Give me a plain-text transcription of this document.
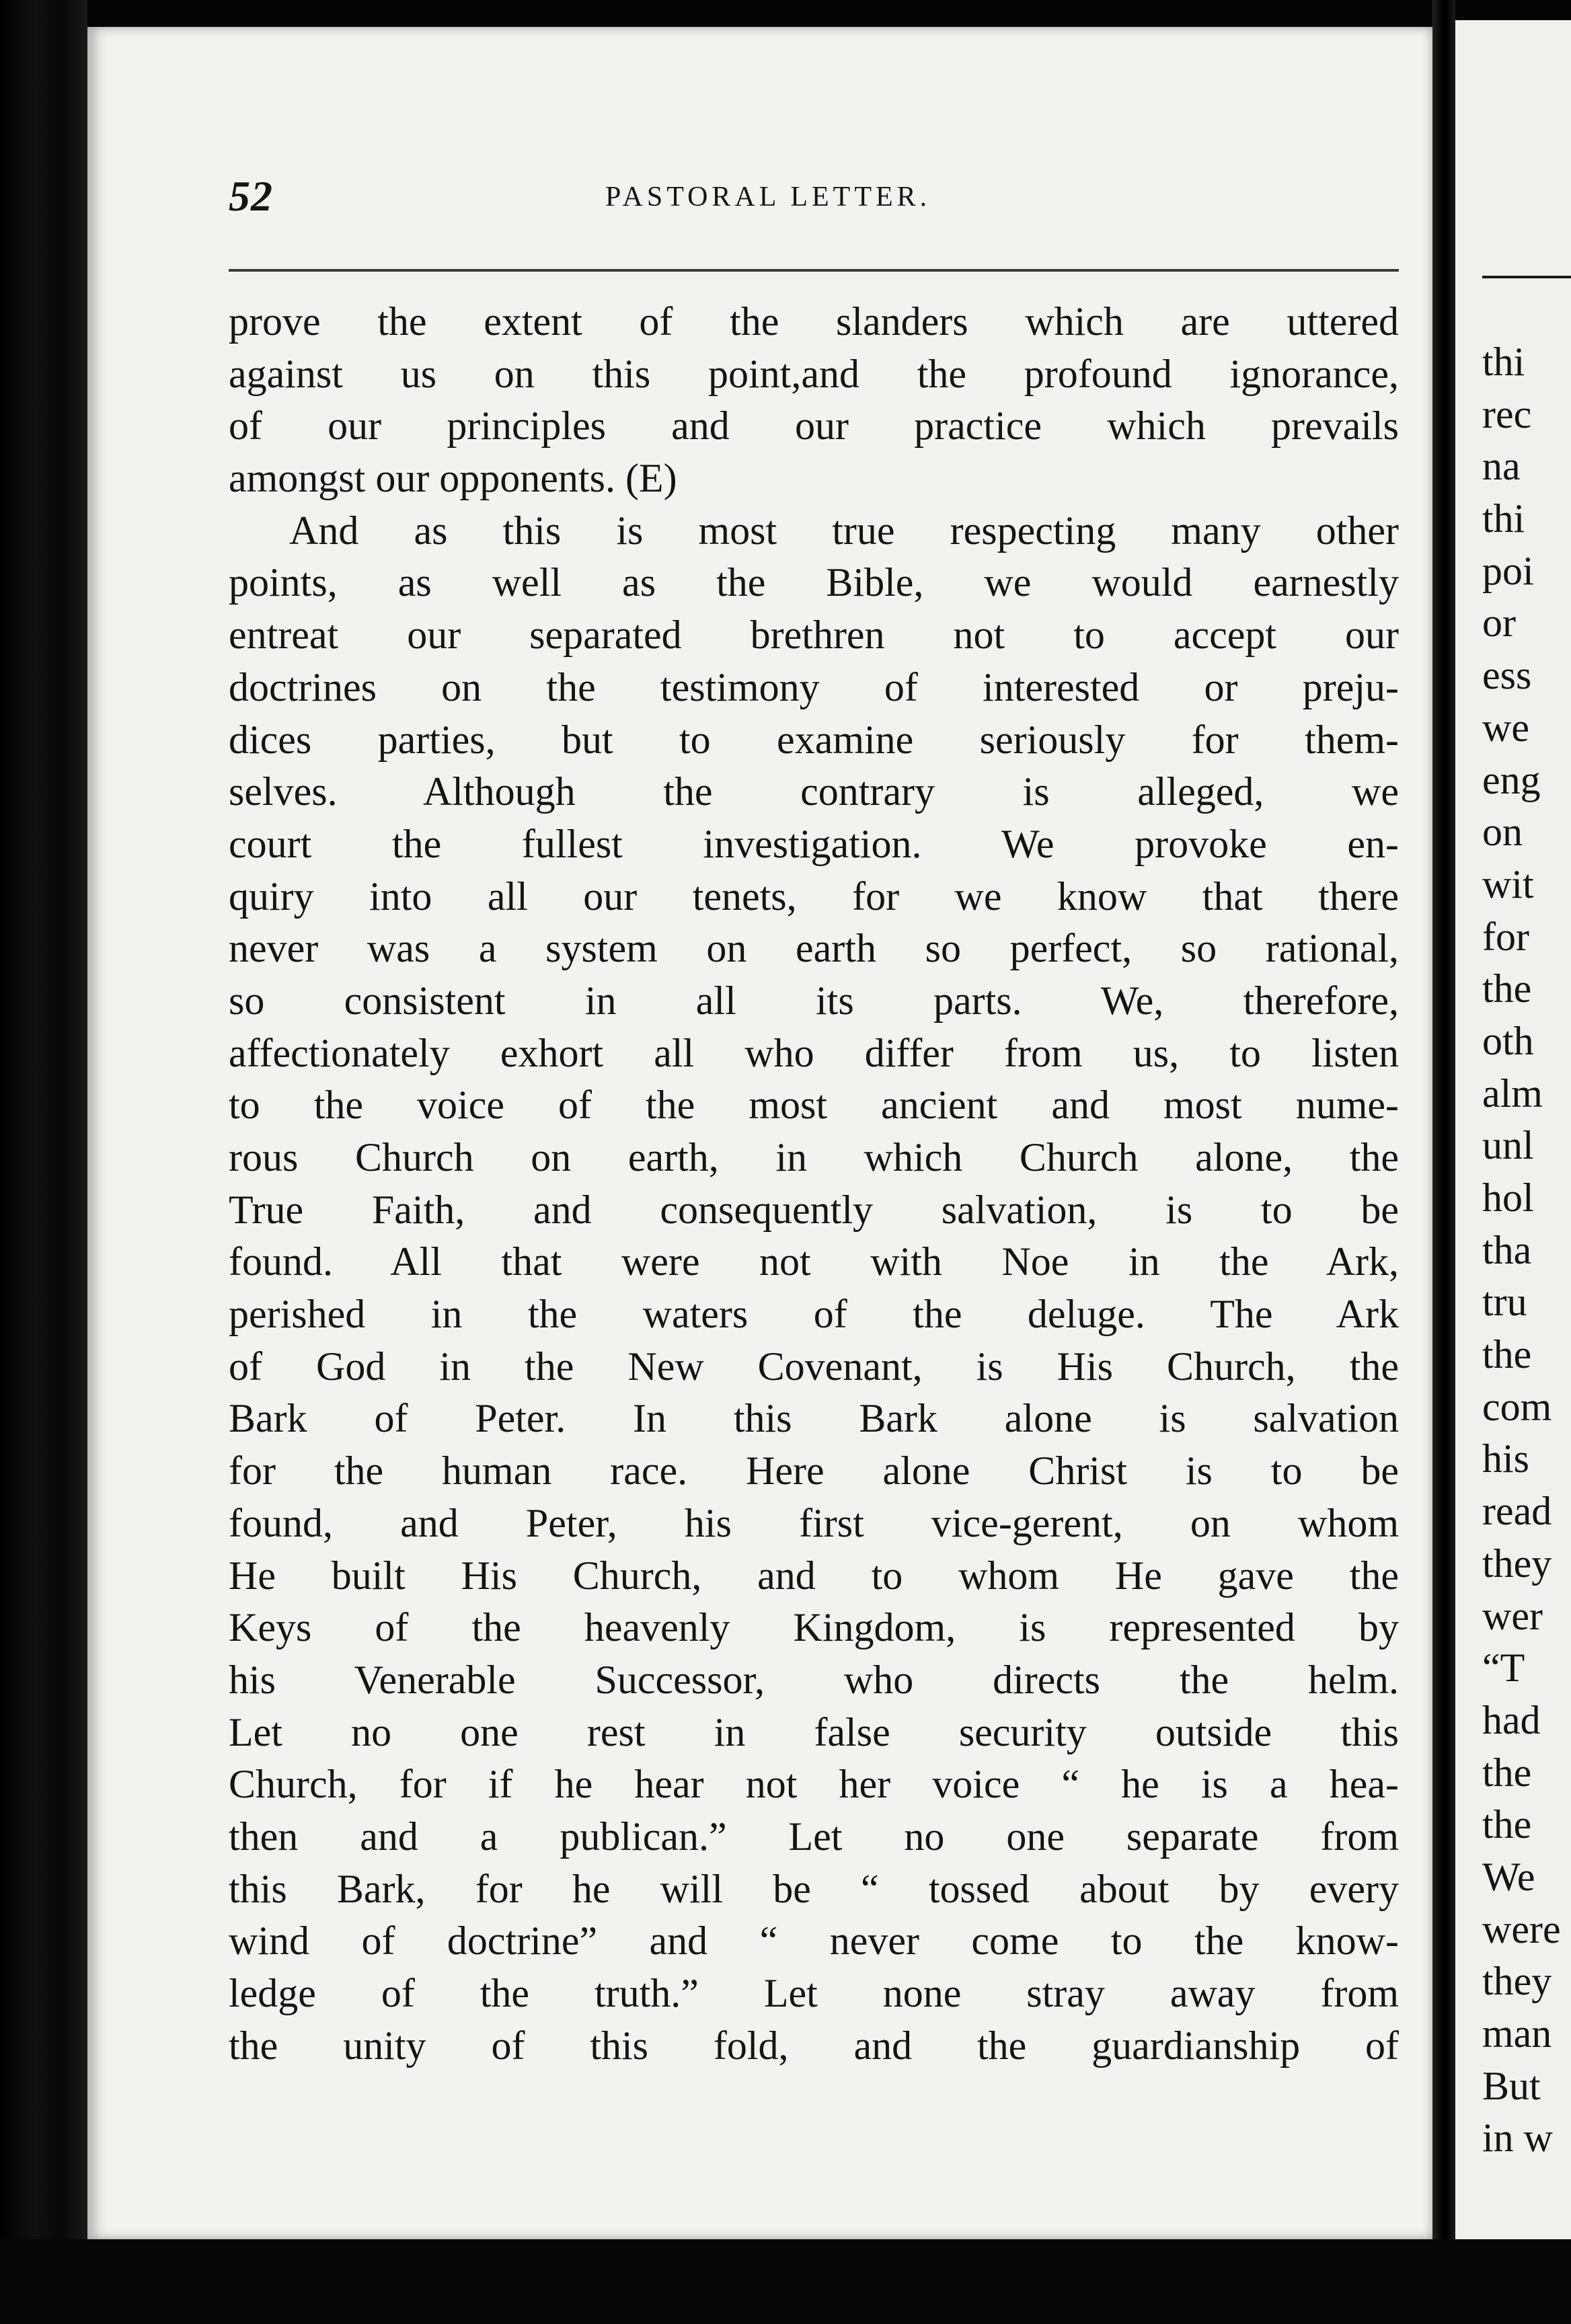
52	PASTORAL LETTER.
prove the extent of the slanders which are uttered
against us on this point,and the profound ignorance,
of our principles and our practice which prevails
amongst our opponents. (E)
And as this is most true respecting many other
points, as well as the Bible, we would earnestly
entreat our separated brethren not to accept our
doctrines on the testimony of interested or preju-
dices parties, but to examine seriously for them-
selves. Although the contrary is alleged, we
court the fullest investigation. We provoke en-
quiry into all our tenets, for we know that there
never was a system on earth so perfect, so rational,
so consistent in all its parts. We, therefore,
affectionately exhort all who differ from us, to listen
to the voice of the most ancient and most nume-
rous Church on earth, in which Church alone, the
True Faith, and consequently salvation, is to be
found. All that were not with Noe in the Ark,
perished in the waters of the deluge. The Ark
of God in the New Covenant, is His Church, the
Bark of Peter. In this Bark alone is salvation
for the human race. Here alone Christ is to be
found, and Peter, his first vice-gerent, on whom
He built His Church, and to whom He gave the
Keys of the heavenly Kingdom, is represented by
his Venerable Successor, who directs the helm.
Let no one rest in false security outside this
Church, for if he hear not her voice “ he is a hea-
then and a publican.” Let no one separate from
this Bark, for he will be “ tossed about by every
wind of doctrine” and “ never come to the know-
ledge of the truth.” Let none stray away from
the unity of this fold, and the guardianship of
thi
rec
na
thi
poi
or
ess
we
eng
on
wit
for
the
oth
alm
unl
hol
tha
tru
the
com
his
read
they
wer
“T
had
the
the
We
were
they
man
But
in w
